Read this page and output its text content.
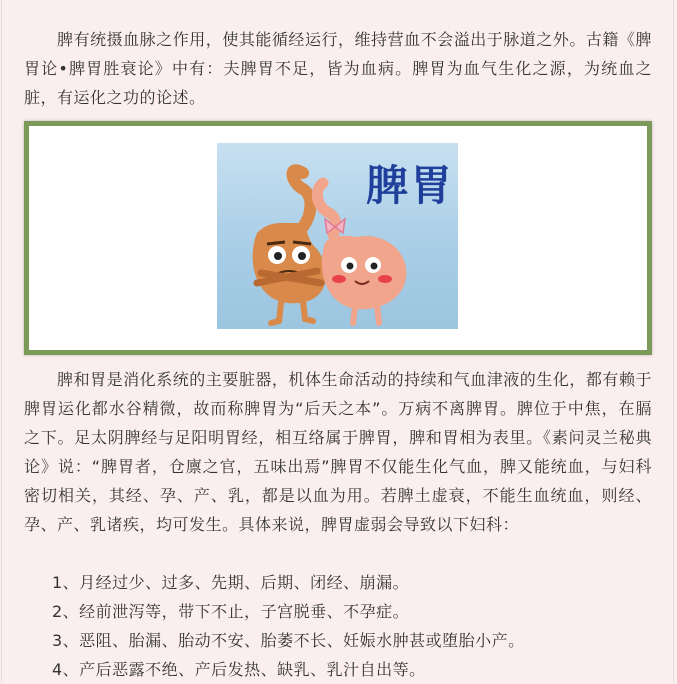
　　脾有统摄血脉之作用，使其能循经运行，维持营血不会溢出于脉道之外。古籍《脾胃论•脾胃胜衰论》中有：夫脾胃不足，皆为血病。脾胃为血气生化之源，为统血之脏，有运化之功的论述。

脾胃

　　脾和胃是消化系统的主要脏器，机体生命活动的持续和气血津液的生化，都有赖于脾胃运化都水谷精微，故而称脾胃为“后天之本”。万病不离脾胃。脾位于中焦，在膈之下。足太阴脾经与足阳明胃经，相互络属于脾胃，脾和胃相为表里。《素问灵兰秘典论》说：“脾胃者，仓廪之官，五味出焉”脾胃不仅能生化气血，脾又能统血，与妇科密切相关，其经、孕、产、乳，都是以血为用。若脾土虚衰，不能生血统血，则经、孕、产、乳诸疾，均可发生。具体来说，脾胃虚弱会导致以下妇科：

1、月经过少、过多、先期、后期、闭经、崩漏。
2、经前泄泻等，带下不止，子宫脱垂、不孕症。
3、恶阻、胎漏、胎动不安、胎萎不长、妊娠水肿甚或堕胎小产。
4、产后恶露不绝、产后发热、缺乳、乳汁自出等。
